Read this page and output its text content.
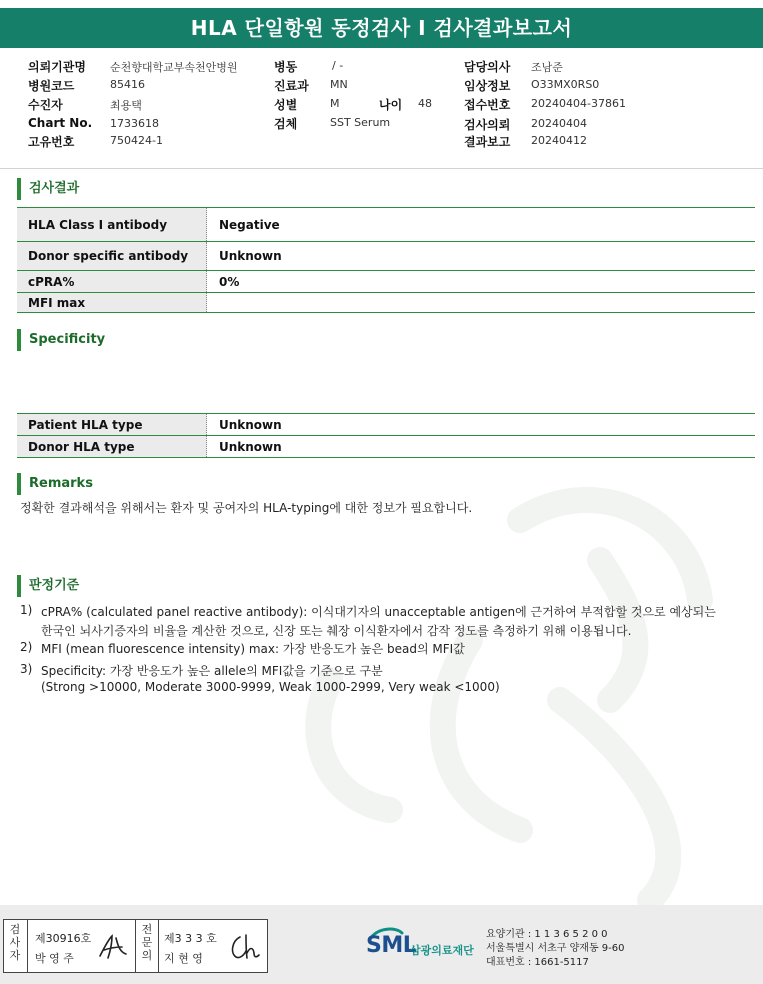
HLA 단일항원 동정검사 I 검사결과보고서
의뢰기관명 순천향대학교부속천안병원
병원코드	85416
수진자	최용택
Chart No. 1733618
고유번호	750424-1
병동	/ -
진료과 MN
성별	M	나이 48
검체	SST Serum
담당의사 조남준
임상정보 O33MX0RS0
접수번호 20240404-37861
검사의뢰 20240404
결과보고 20240412
검사결과
HLA Class I antibody	Negative
Donor specific antibody	Unknown
cPRA%	0%
MFI max
Specificity
Patient HLA type	Unknown
Donor HLA type	Unknown
Remarks
정확한 결과해석을 위해서는 환자 및 공여자의 HLA-typing에 대한 정보가 필요합니다.
판정기준
1) cPRA% (calculated panel reactive antibody): 이식대기자의 unacceptable antigen에 근거하여 부적합할 것으로 예상되는
한국인 뇌사기증자의 비율을 계산한 것으로, 신장 또는 췌장 이식환자에서 감작 정도를 측정하기 위해 이용됩니다.
2) MFI (mean fluorescence intensity) max: 가장 반응도가 높은 bead의 MFI값
3) Specificity: 가장 반응도가 높은 allele의 MFI값을 기준으로 구분
(Strong >10000, Moderate 3000-9999, Weak 1000-2999, Very weak <1000)
검
사
자
제30916호
박 영 주
전
문
의
제3 3 3 호
지 현 영
SML
삼광의료재단
요양기관 : 1 1 3 6 5 2 0 0
서울특별시 서초구 양재동 9-60
대표번호 : 1661-5117
